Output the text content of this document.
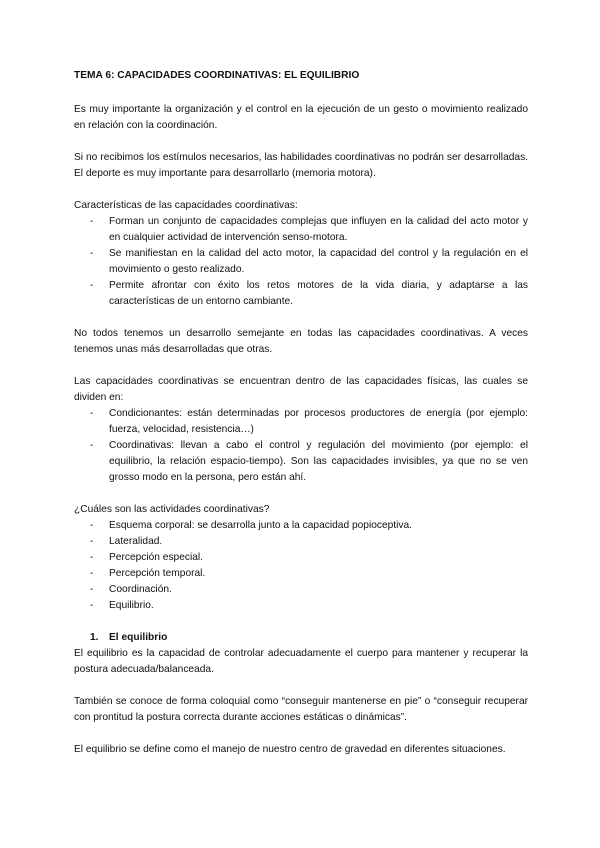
TEMA 6: CAPACIDADES COORDINATIVAS: EL EQUILIBRIO

Es muy importante la organización y el control en la ejecución de un gesto o movimiento realizado en relación con la coordinación.

Si no recibimos los estímulos necesarios, las habilidades coordinativas no podrán ser desarrolladas. El deporte es muy importante para desarrollarlo (memoria motora).

Características de las capacidades coordinativas:

- Forman un conjunto de capacidades complejas que influyen en la calidad del acto motor y en cualquier actividad de intervención senso-motora.
- Se manifiestan en la calidad del acto motor, la capacidad del control y la regulación en el movimiento o gesto realizado.
- Permite afrontar con éxito los retos motores de la vida diaria, y adaptarse a las características de un entorno cambiante.

No todos tenemos un desarrollo semejante en todas las capacidades coordinativas. A veces tenemos unas más desarrolladas que otras.

Las capacidades coordinativas se encuentran dentro de las capacidades físicas, las cuales se dividen en:

- Condicionantes: están determinadas por procesos productores de energía (por ejemplo: fuerza, velocidad, resistencia…)
- Coordinativas: llevan a cabo el control y regulación del movimiento (por ejemplo: el equilibrio, la relación espacio-tiempo). Son las capacidades invisibles, ya que no se ven grosso modo en la persona, pero están ahí.

¿Cuáles son las actividades coordinativas?

- Esquema corporal: se desarrolla junto a la capacidad popioceptiva.
- Lateralidad.
- Percepción especial.
- Percepción temporal.
- Coordinación.
- Equilibrio.

1. El equilibrio

El equilibrio es la capacidad de controlar adecuadamente el cuerpo para mantener y recuperar la postura adecuada/balanceada.

También se conoce de forma coloquial como “conseguir mantenerse en pie” o “conseguir recuperar con prontitud la postura correcta durante acciones estáticas o dinámicas”.

El equilibrio se define como el manejo de nuestro centro de gravedad en diferentes situaciones.
